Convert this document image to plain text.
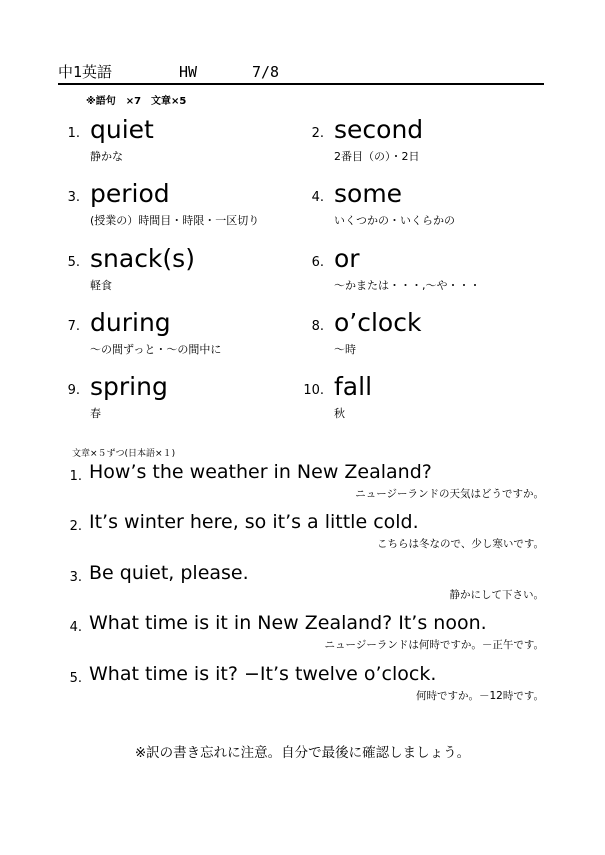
中1英語	HW	7/8
※語句　×7　文章×5
1. quiet
静かな
2. second
2番目（の）・2日
3. period
(授業の）時間目・時限・一区切り
4. some
いくつかの・いくらかの
5. snack(s)
軽食
6. or
～かまたは・・・,～や・・・
7. during
～の間ずっと・～の間中に
8. o’clock
～時
9. spring
春
10. fall
秋
文章×５ずつ(日本語×１)
1. How’s the weather in New Zealand?
ニュージーランドの天気はどうですか。
2. It’s winter here, so it’s a little cold.
こちらは冬なので、少し寒いです。
3. Be quiet, please.
静かにして下さい。
4. What time is it in New Zealand? It’s noon.
ニュージーランドは何時ですか。－正午です。
5. What time is it? −It’s twelve o’clock.
何時ですか。－12時です。
※訳の書き忘れに注意。自分で最後に確認しましょう。
